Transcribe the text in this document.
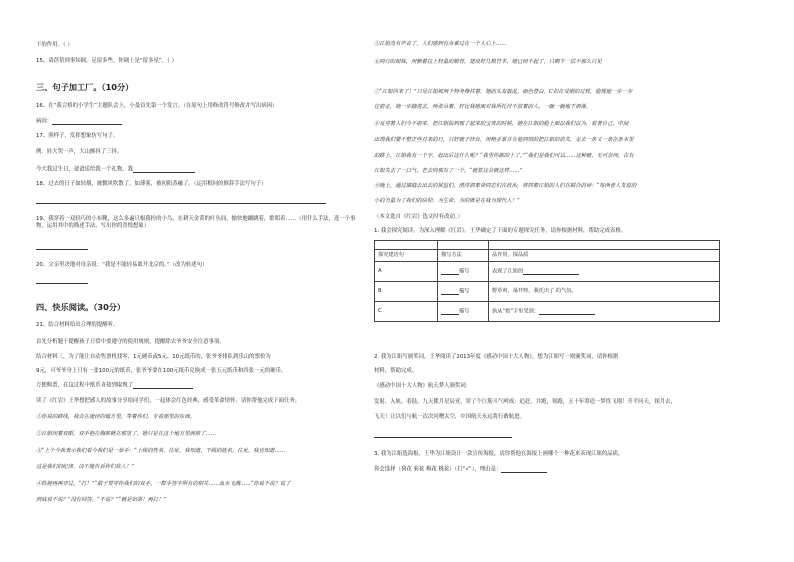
下的作用。（ ）
15、请蓓蓓到事知调，足留多些，你调上是“留多星”。（ ）
三、句子加工厂。（10分）
16、在“我合格的小学生”主题队会上，小曼首先第一个发言。（在原句上用修改符号修改并写出病因）
病因：
17、照样子，发挥想象仿写句子。
例：娃大哭一声，大山颤抖了三抖。
今天我过生日，爸爸送给我一个礼物，我
18、过去的日子如轻烟，被微风吹散了，如薄雾，被初阳蒸融了。（运用相同的修辞手法写句子）
19、我穿着一双轻巧的小布靴，这么多遍只根我扮的小鸟，在耕天金黄的叶丛间，愉快地蹦跳着，歌唱着……（用什么手法，选一个事物，运用其中的描述手法，写出你的喜悦想象）
20、父亲里决地对母亲说：“我是不能轻易离开北京的。”（改为转述句）
四、快乐阅读。（30分）
21、结合材料给出合理的提醒听。
首先分析题干提醒孩子日常中要遵守的使用规则，提醒除去爷爷安全注意事项。
结合材料三，为了能让自动售票机找零，1元硬币或5元、10元纸币的，张爷爷排队到乐山的票价为
9元，可爷爷身上只有一张100元的纸币，张爷爷要在100元纸币兑换成一张五元纸币和四张一元的硬币，
方便购票，在这过程中纸币直接到取现了
读了《红岩》王华想把感人的故事分享给同学们，一起体会红色经典，感受革命情怀。请你帮他完成下面任务。
①你说的路线，我会在途径的地方里，等着你们，专看那里的东西。
②江姐闭着双眼，双手抱在胸前就在那里了，她只是在这个地方里面前了……
③“上个今我表示我们看今我们是一举手：“上级的性名，住址，我知道，下级的姓名，住址，我也知道……
这是我们的纪律，决不能告诉你们敌人！”
④铁链再再穿过。“打！”“敢子贯穿你我们的双手。一群手签字所有的相关……血水飞溅……“你说不说？说了
到底说不说？”没有回答。“不说？”“就是如果！再打！”
⑤江姐没有声音了，人们感到有点难过在一个人心上……
⑥同行的姐妹，用颤着拉上轻量的脚背，建设好几根竹木，她已经不起了，只剩下一层不那么只见
⑦“江姐回来了！”只见江姐被两个特务搀扶着，她的头发散乱，面色苍白，C扣在受剧的过程，脸现地一步一步
往前走，她一步踏进去，两张吊着，好比我她面对我所托付不放着的人。一碗一碗地下酒落。
⑧反穿着人们今不前来，把江姐抬到那了起来的宝贵的时候，她在江姐的脸上面以我们以为，看著自己，中间
出现我们要不整正些对来的日，只好就子挂台，用粗手掌并在他同情的把江姐的消失，走去一条又一条在条本里
的路上，江姐我有一个字，起出后这什么呢？“我里你都的十了。”“我们是我们可以……这种就，无可奈何，在有
江姐失去了一口气，老去向那有了一个，“就算这会就这样……”
⑨晚上，通过墙缝去出去的狱监们，渣滓洞革命同志们在政治，将同着江姐的人们在联合的诗：“每两者人友谊的
小的力量为了我们的信仰，为生命，为的就是在我为现代人！”
（本文选自《红岩》选文时有改动。）
1. 我会探究阅读。为深入理解《红岩》，王华确定了下面的专题探究任务，请你根据材料，帮助完成表格。

探究建语句	描写方法	品作用，探品质
A	描写	表现了江姐的
B	描写	野草爽，荡开呀，我托出了 的气氛。
C	描写	执从“指”字里受到：
2. 我为江姐写颁奖词。王华阅读了2013年度《感动中国十大人物》，想为江姐写一则颁奖词，请你根据
材料，帮助完成。
《感动中国十大人物》航天梦人颁奖词：
发射、入轨、着陆，九天揽月星辰亚，穿了个巨筋斗气呵成：追赶，并跑，领跑，五十年筹造一梦终飞翔！升平问天，探月去，
飞天！让以们与航一次次问曙太空，中国航天永远将行敢航进。
3. 我为江姐选海报。王华为江姐设计一款宣传海报，请你帮他在海报上画哪个一种花来表现江姐的品质，
你会选择（荷花 菊花 梅花 桃花）（打“√”），理由是：
